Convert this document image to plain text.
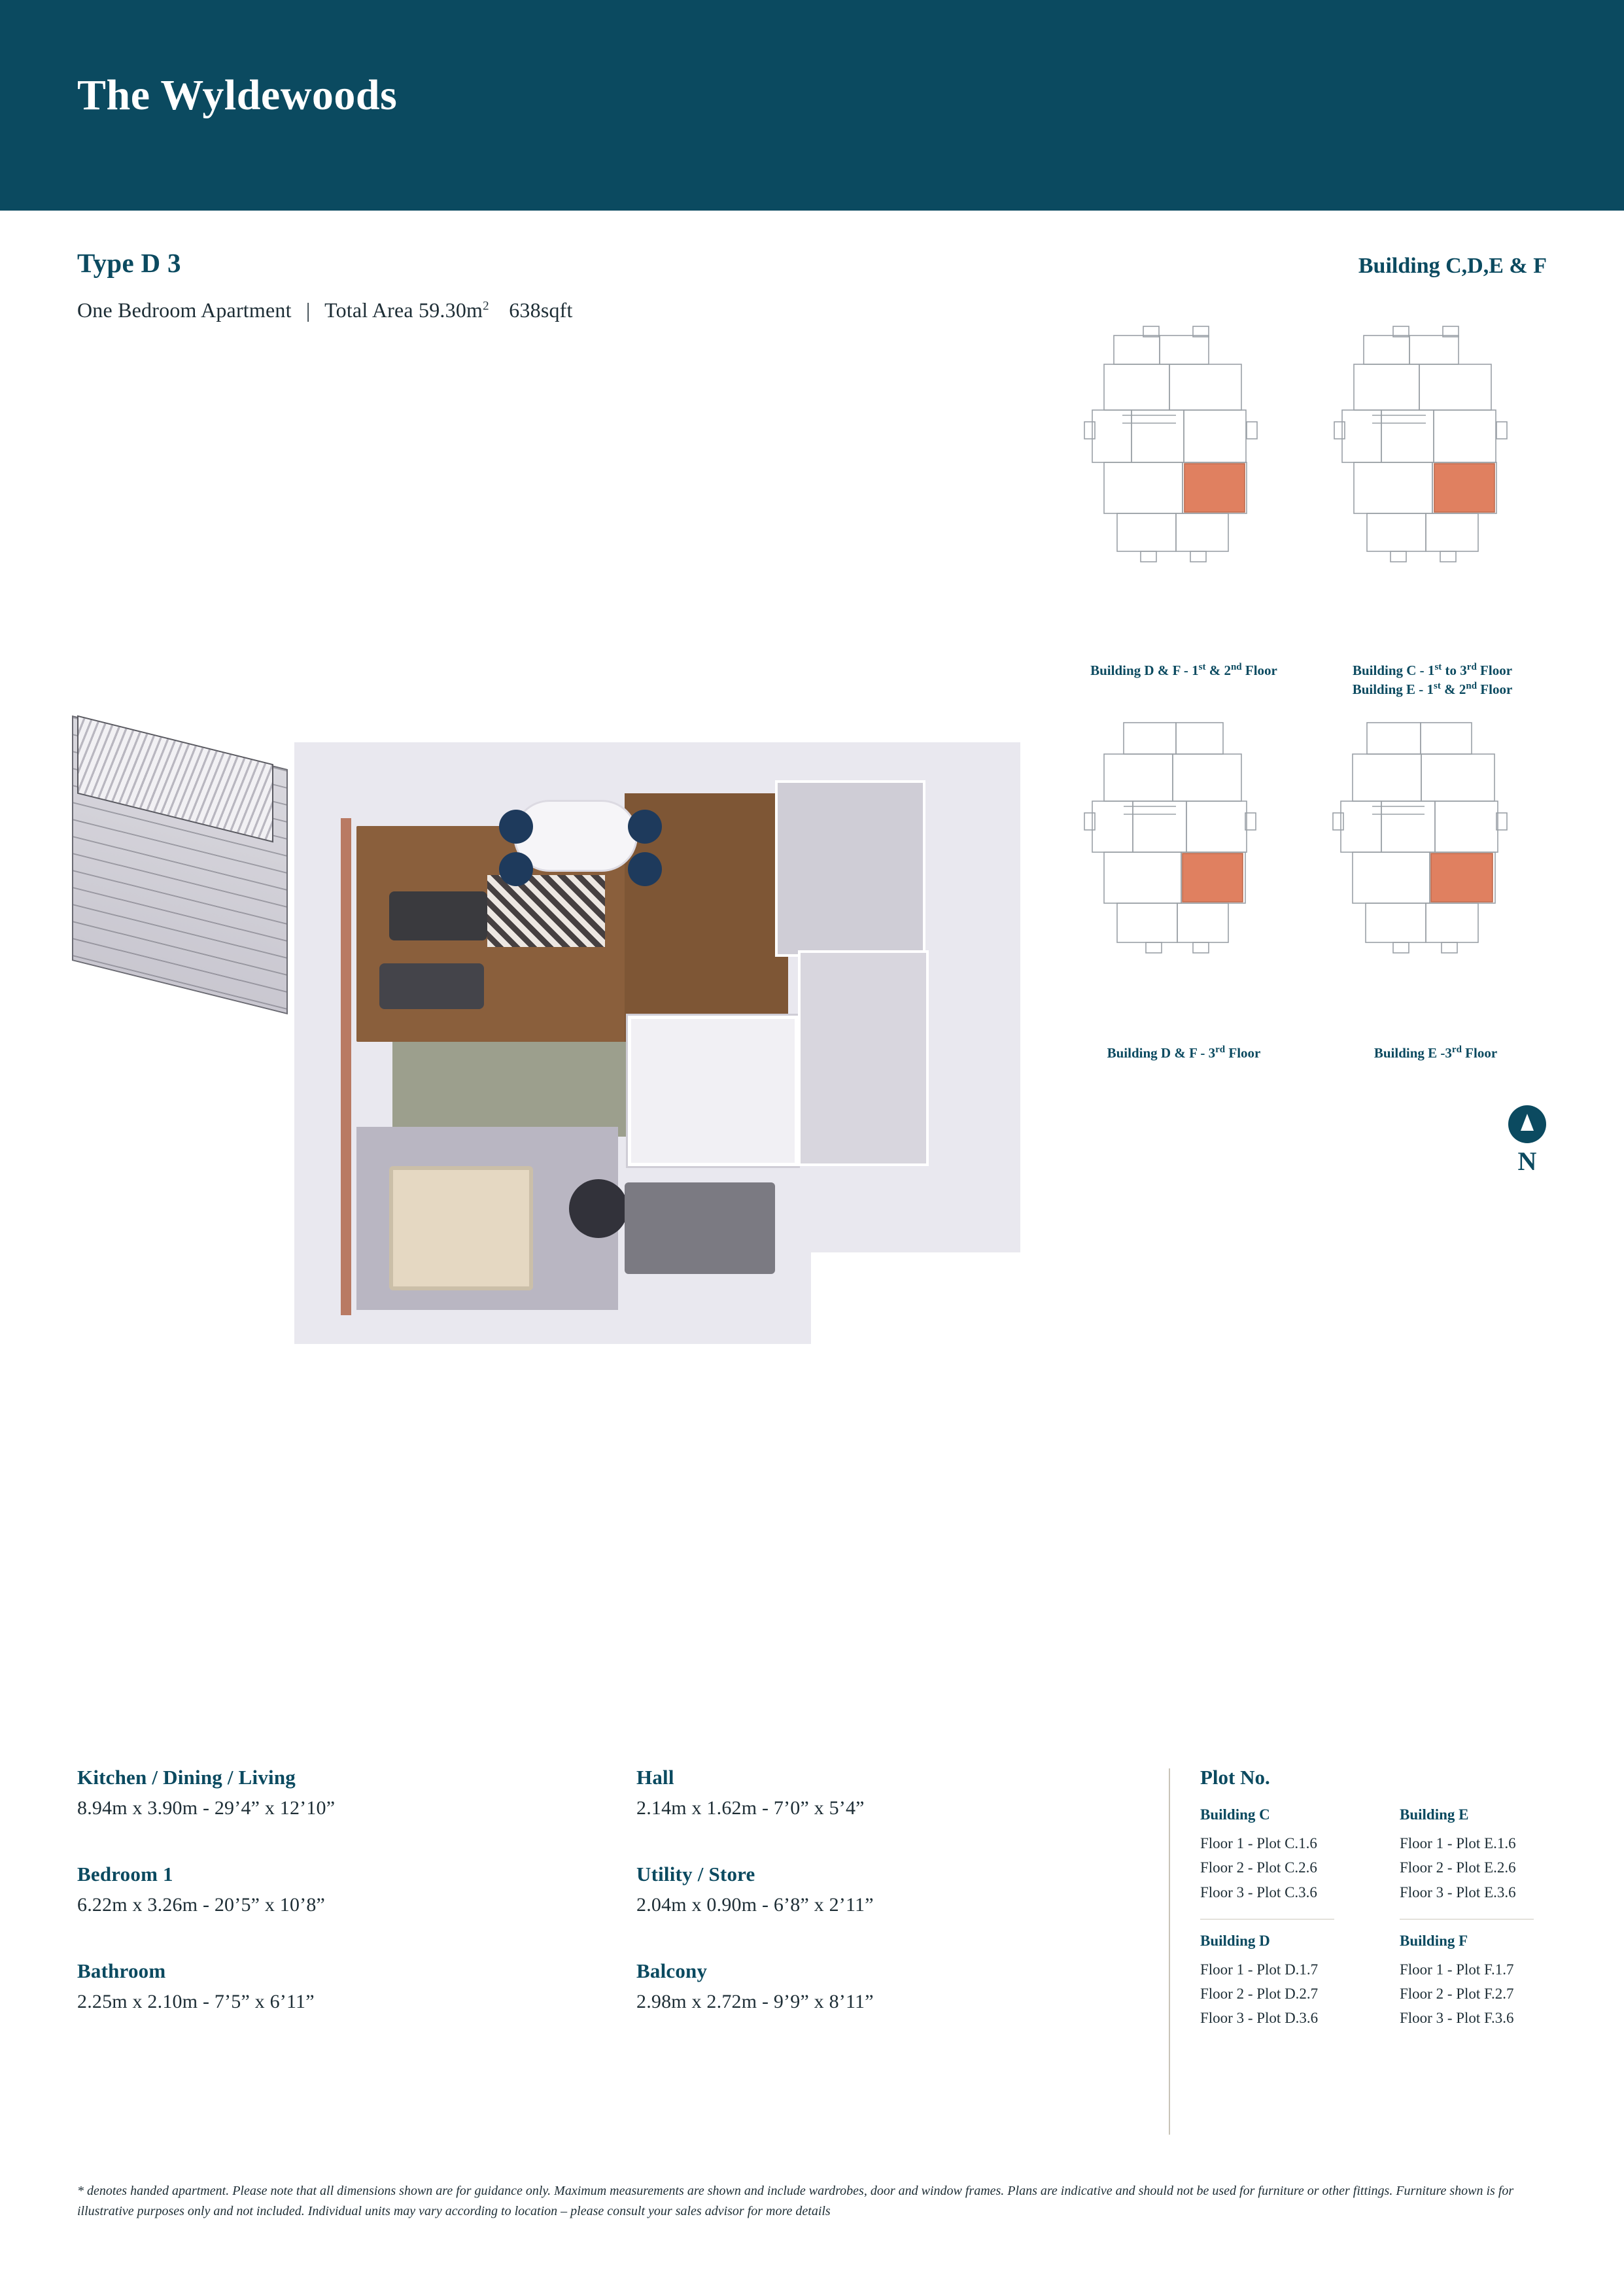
The Wyldewoods
Type D 3
One Bedroom Apartment | Total Area $59.30m^2$ 638sqft
Building C,D,E & F
Building D & F - 1st & 2nd Floor	Building C - 1st to 3rd Floor
Building E - 1st & 2nd Floor
Building D & F - 3rd Floor	Building E -3rd Floor
N
Kitchen / Dining / Living
8.94m x 3.90m - 29’4” x 12’10”
Bedroom 1
6.22m x 3.26m - 20’5” x 10’8”
Bathroom
2.25m x 2.10m - 7’5” x 6’11”
Hall
2.14m x 1.62m - 7’0” x 5’4”
Utility / Store
2.04m x 0.90m - 6’8” x 2’11”
Balcony
2.98m x 2.72m - 9’9” x 8’11”
Plot No.
Building C
Floor 1 - Plot C.1.6
Floor 2 - Plot C.2.6
Floor 3 - Plot C.3.6
Building E
Floor 1 - Plot E.1.6
Floor 2 - Plot E.2.6
Floor 3 - Plot E.3.6
Building D
Floor 1 - Plot D.1.7
Floor 2 - Plot D.2.7
Floor 3 - Plot D.3.6
Building F
Floor 1 - Plot F.1.7
Floor 2 - Plot F.2.7
Floor 3 - Plot F.3.6
* denotes handed apartment. Please note that all dimensions shown are for guidance only. Maximum measurements are shown and include wardrobes, door and window frames. Plans are indicative and should not be used for furniture or other fittings. Furniture shown is for illustrative purposes only and not included. Individual units may vary according to location – please consult your sales advisor for more details
